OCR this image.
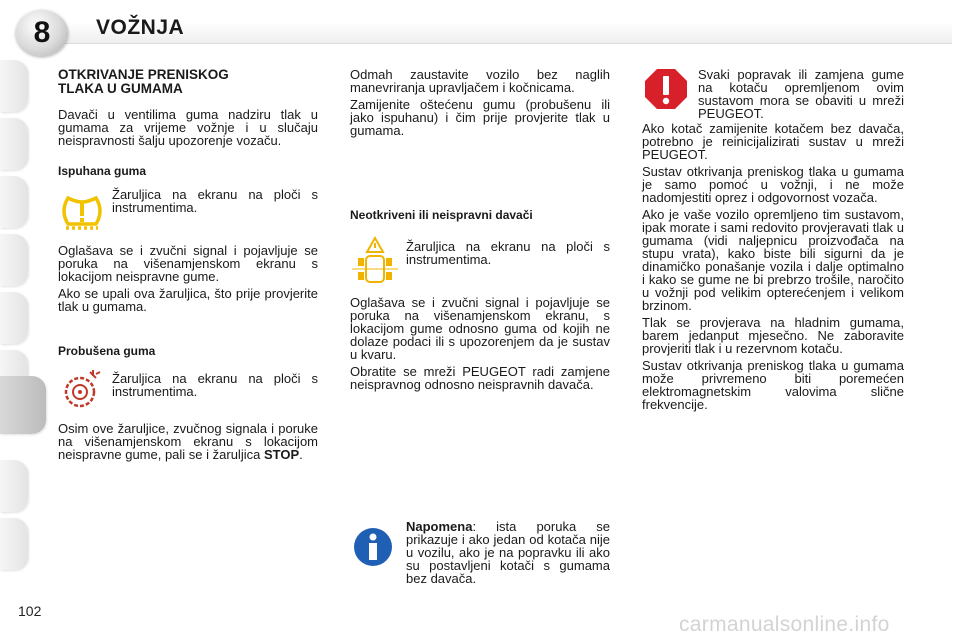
8	VOŽNJA
OTKRIVANJE PRENISKOG
TLAKA U GUMAMA

Davači u ventilima guma nadziru tlak u gumama za vrijeme vožnje i u slučaju neispravnosti šalju upozorenje vozaču.

Ispuhana guma
Žaruljica na ekranu na ploči s instrumentima.

Oglašava se i zvučni signal i pojavljuje se poruka na višenamjenskom ekranu s lokacijom neispravne gume.

Ako se upali ova žaruljica, što prije provjerite tlak u gumama.

Probušena guma
Žaruljica na ekranu na ploči s instrumentima.

Osim ove žaruljice, zvučnog signala i poruke na višenamjenskom ekranu s lokacijom neispravne gume, pali se i žaruljica STOP.

Odmah zaustavite vozilo bez naglih manevriranja upravljačem i kočnicama.

Zamijenite oštećenu gumu (probušenu ili jako ispuhanu) i čim prije provjerite tlak u gumama.

Neotkriveni ili neispravni davači
Žaruljica na ekranu na ploči s instrumentima.

Oglašava se i zvučni signal i pojavljuje se poruka na višenamjenskom ekranu, s lokacijom gume odnosno guma od kojih ne dolaze podaci ili s upozorenjem da je sustav u kvaru.

Obratite se mreži PEUGEOT radi zamjene neispravnog odnosno neispravnih davača.

Napomena: ista poruka se prikazuje i ako jedan od kotača nije u vozilu, ako je na popravku ili ako su postavljeni kotači s gumama bez davača.
Svaki popravak ili zamjena gume na kotaču opremljenom ovim sustavom mora se obaviti u mreži PEUGEOT.

Ako kotač zamijenite kotačem bez davača, potrebno je reinicijalizirati sustav u mreži PEUGEOT.

Sustav otkrivanja preniskog tlaka u gumama je samo pomoć u vožnji, i ne može nadomjestiti oprez i odgovornost vozača.

Ako je vaše vozilo opremljeno tim sustavom, ipak morate i sami redovito provjeravati tlak u gumama (vidi naljepnicu proizvođača na stupu vrata), kako biste bili sigurni da je dinamičko ponašanje vozila i dalje optimalno i kako se gume ne bi prebrzo trošile, naročito u vožnji pod velikim opterećenjem i velikom brzinom.

Tlak se provjerava na hladnim gumama, barem jedanput mjesečno. Ne zaboravite provjeriti tlak i u rezervnom kotaču.

Sustav otkrivanja preniskog tlaka u gumama može privremeno biti poremećen elektromagnetskim valovima slične frekvencije.

102
carmanualsonline.info
